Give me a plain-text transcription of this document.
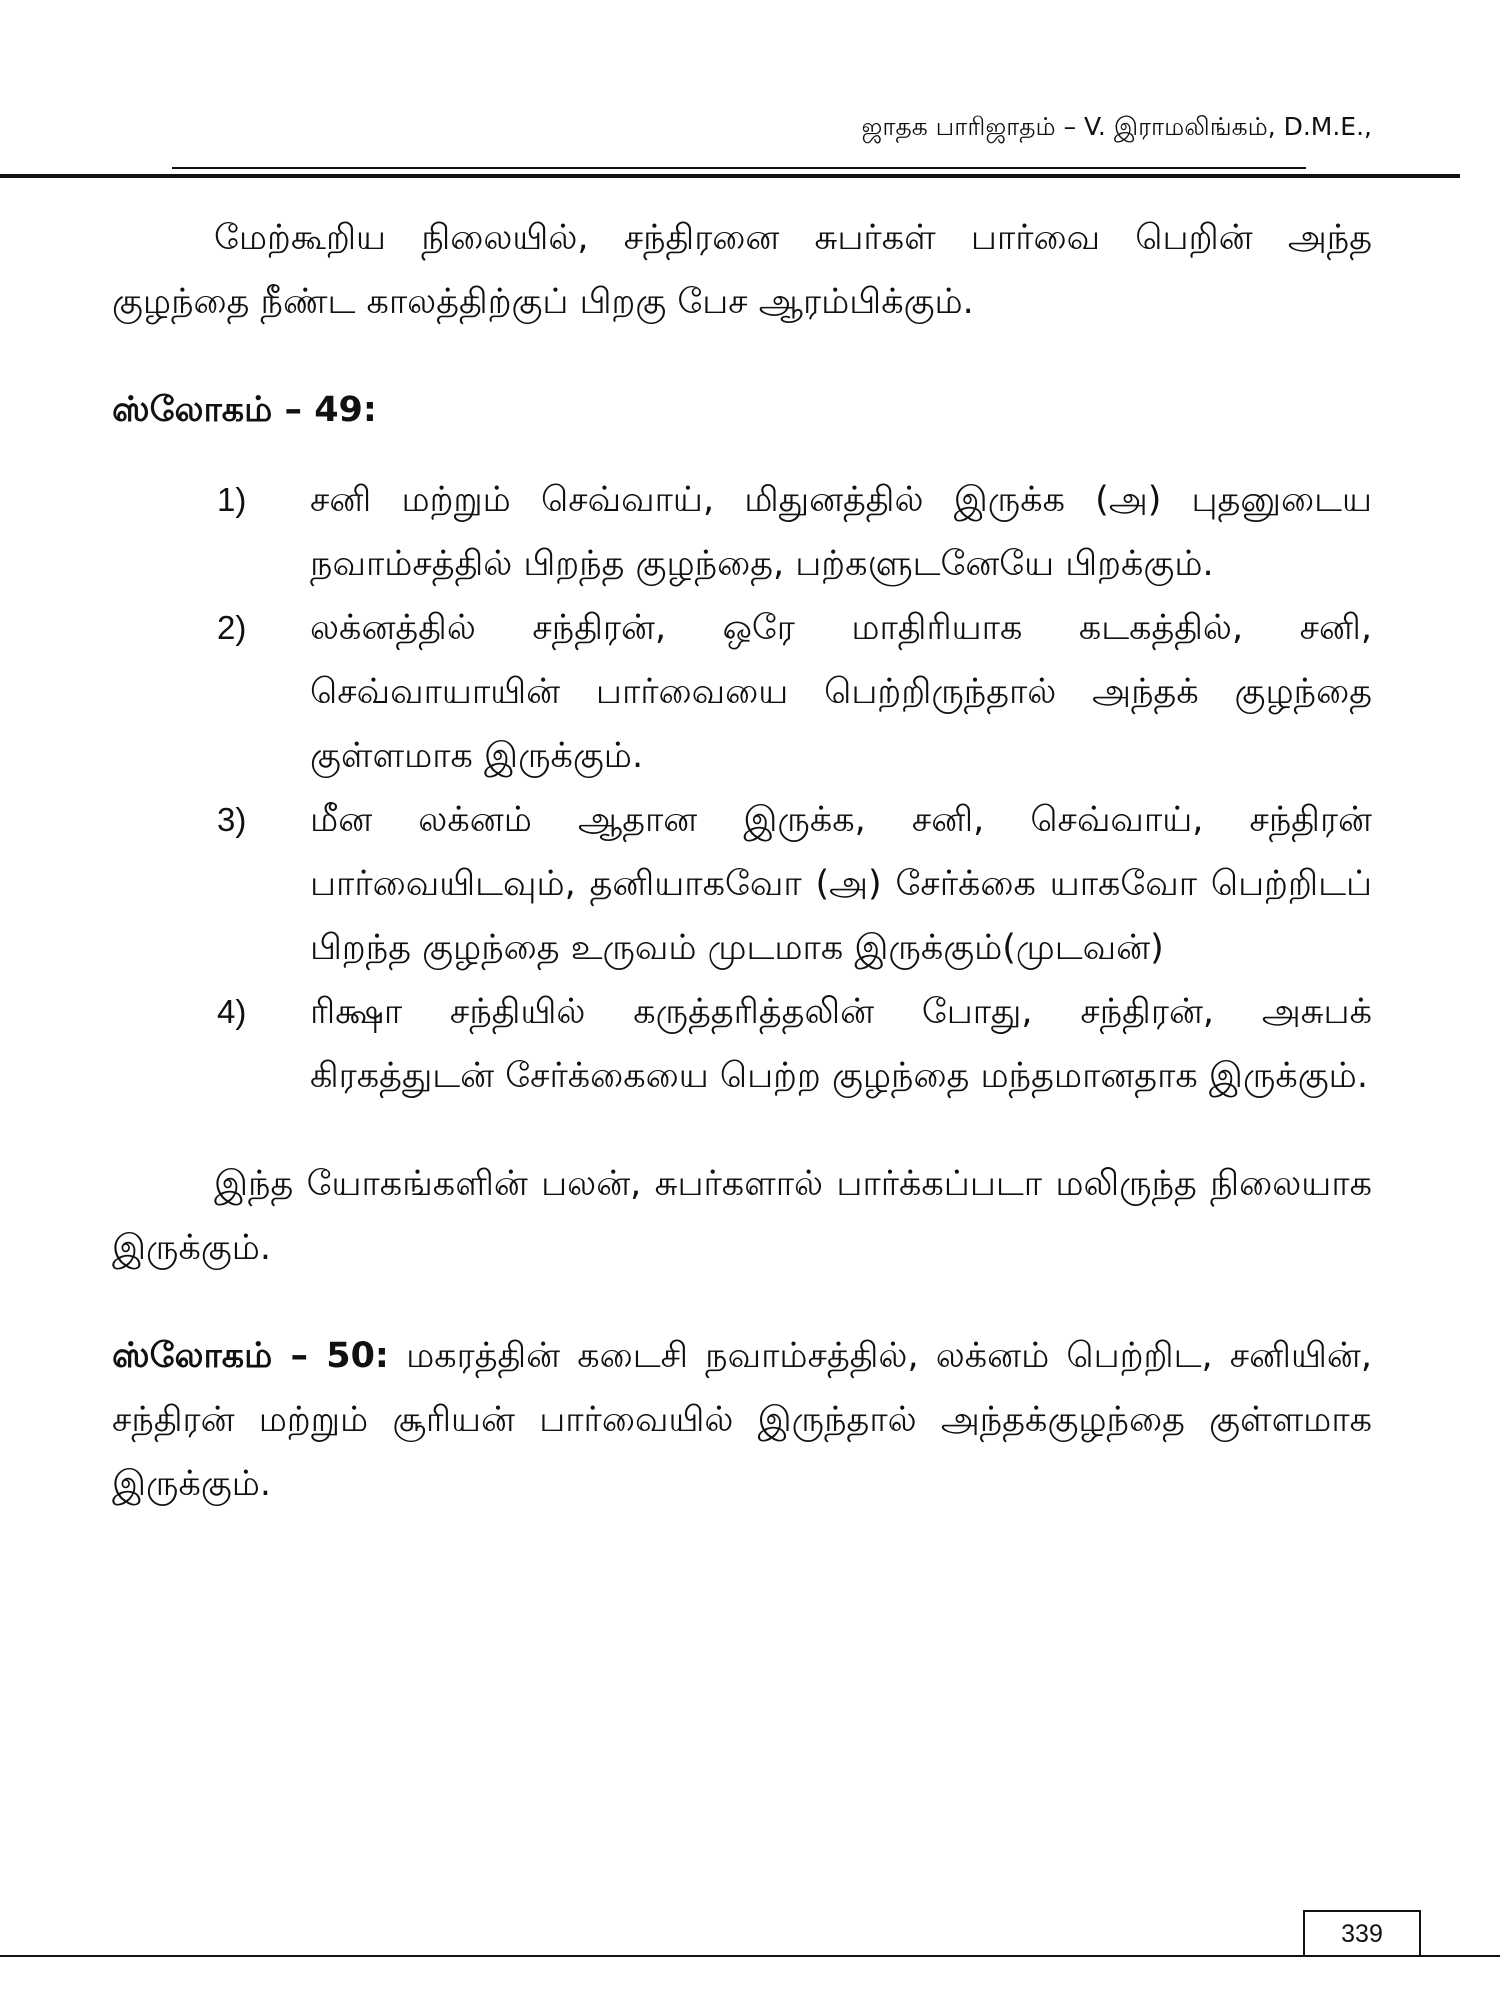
ஜாதக பாரிஜாதம் – V. இராமலிங்கம், D.M.E.,

மேற்கூறிய நிலையில், சந்திரனை சுபர்கள் பார்வை பெறின் அந்த குழந்தை நீண்ட காலத்திற்குப் பிறகு பேச ஆரம்பிக்கும்.

ஸ்லோகம் – 49:
1) சனி மற்றும் செவ்வாய், மிதுனத்தில் இருக்க (அ) புதனுடைய நவாம்சத்தில் பிறந்த குழந்தை, பற்களுடனேயே பிறக்கும்.
2) லக்னத்தில் சந்திரன், ஒரே மாதிரியாக கடகத்தில், சனி, செவ்வாயாயின் பார்வையை பெற்றிருந்தால் அந்தக் குழந்தை குள்ளமாக இருக்கும்.
3) மீன லக்னம் ஆதான இருக்க, சனி, செவ்வாய், சந்திரன் பார்வையிடவும், தனியாகவோ (அ) சேர்க்கை யாகவோ பெற்றிடப் பிறந்த குழந்தை உருவம் முடமாக இருக்கும்(முடவன்)
4) ரிக்ஷா சந்தியில் கருத்தரித்தலின் போது, சந்திரன், அசுபக் கிரகத்துடன் சேர்க்கையை பெற்ற குழந்தை மந்தமானதாக இருக்கும்.

இந்த யோகங்களின் பலன், சுபர்களால் பார்க்கப்படா மலிருந்த நிலையாக இருக்கும்.

ஸ்லோகம் – 50: மகரத்தின் கடைசி நவாம்சத்தில், லக்னம் பெற்றிட, சனியின், சந்திரன் மற்றும் சூரியன் பார்வையில் இருந்தால் அந்தக்குழந்தை குள்ளமாக இருக்கும்.

339
